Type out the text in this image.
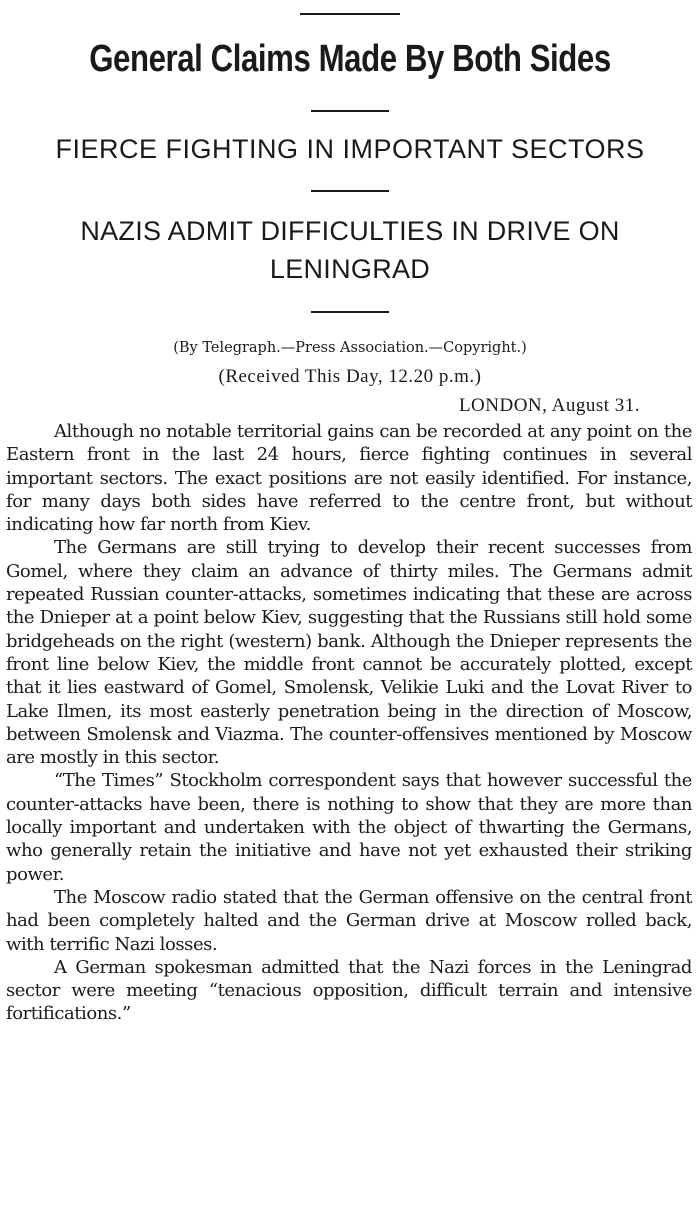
General Claims Made By Both Sides
FIERCE FIGHTING IN IMPORTANT SECTORS
NAZIS ADMIT DIFFICULTIES IN DRIVE ON LENINGRAD

(By Telegraph.—Press Association.—Copyright.)

(Received This Day, 12.20 p.m.)

LONDON, August 31.

Although no notable territorial gains can be recorded at any point on the Eastern front in the last 24 hours, fierce fighting continues in several important sectors. The exact positions are not easily identified. For instance, for many days both sides have referred to the centre front, but without indicating how far north from Kiev.

The Germans are still trying to develop their recent successes from Gomel, where they claim an advance of thirty miles. The Germans admit repeated Russian counter-attacks, sometimes indicating that these are across the Dnieper at a point below Kiev, suggesting that the Russians still hold some bridgeheads on the right (western) bank. Although the Dnieper represents the front line below Kiev, the middle front cannot be accurately plotted, except that it lies eastward of Gomel, Smolensk, Velikie Luki and the Lovat River to Lake Ilmen, its most easterly penetration being in the direction of Moscow, between Smolensk and Viazma. The counter-offensives mentioned by Moscow are mostly in this sector.

“The Times” Stockholm correspondent says that however successful the counter-attacks have been, there is nothing to show that they are more than locally important and undertaken with the object of thwarting the Germans, who generally retain the initiative and have not yet exhausted their striking power.

The Moscow radio stated that the German offensive on the central front had been completely halted and the German drive at Moscow rolled back, with terrific Nazi losses.

A German spokesman admitted that the Nazi forces in the Leningrad sector were meeting “tenacious opposition, difficult terrain and intensive fortifications.”
